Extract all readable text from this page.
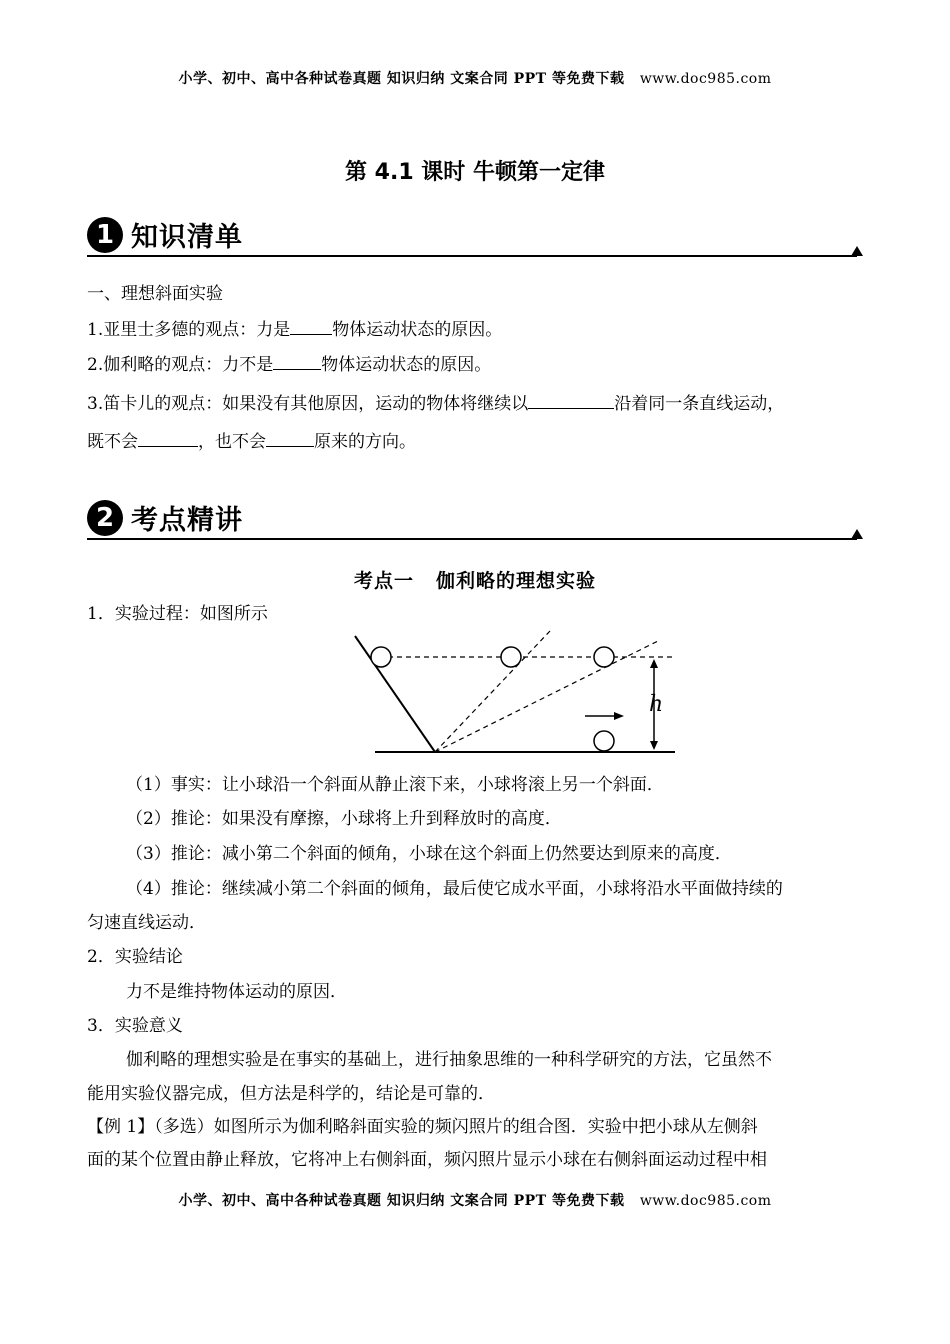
小学、初中、高中各种试卷真题 知识归纳 文案合同 PPT 等免费下载 www.doc985.com
第 4.1 课时 牛顿第一定律
1 知识清单
一、理想斜面实验
1.亚里士多德的观点：力是 物体运动状态的原因。
2.伽利略的观点：力不是	物体运动状态的原因。
3.笛卡儿的观点：如果没有其他原因，运动的物体将继续以	沿着同一条直线运动，
既不会	，也不会	原来的方向。
2 考点精讲
考点一 伽利略的理想实验
1．实验过程：如图所示
h
（1）事实：让小球沿一个斜面从静止滚下来，小球将滚上另一个斜面．
（2）推论：如果没有摩擦，小球将上升到释放时的高度．
（3）推论：减小第二个斜面的倾角，小球在这个斜面上仍然要达到原来的高度．
（4）推论：继续减小第二个斜面的倾角，最后使它成水平面，小球将沿水平面做持续的
匀速直线运动．
2．实验结论
力不是维持物体运动的原因．
3．实验意义
伽利略的理想实验是在事实的基础上，进行抽象思维的一种科学研究的方法，它虽然不
能用实验仪器完成，但方法是科学的，结论是可靠的．
【例 1】（多选）如图所示为伽利略斜面实验的频闪照片的组合图．实验中把小球从左侧斜
面的某个位置由静止释放，它将冲上右侧斜面，频闪照片显示小球在右侧斜面运动过程中相
小学、初中、高中各种试卷真题 知识归纳 文案合同 PPT 等免费下载 www.doc985.com
